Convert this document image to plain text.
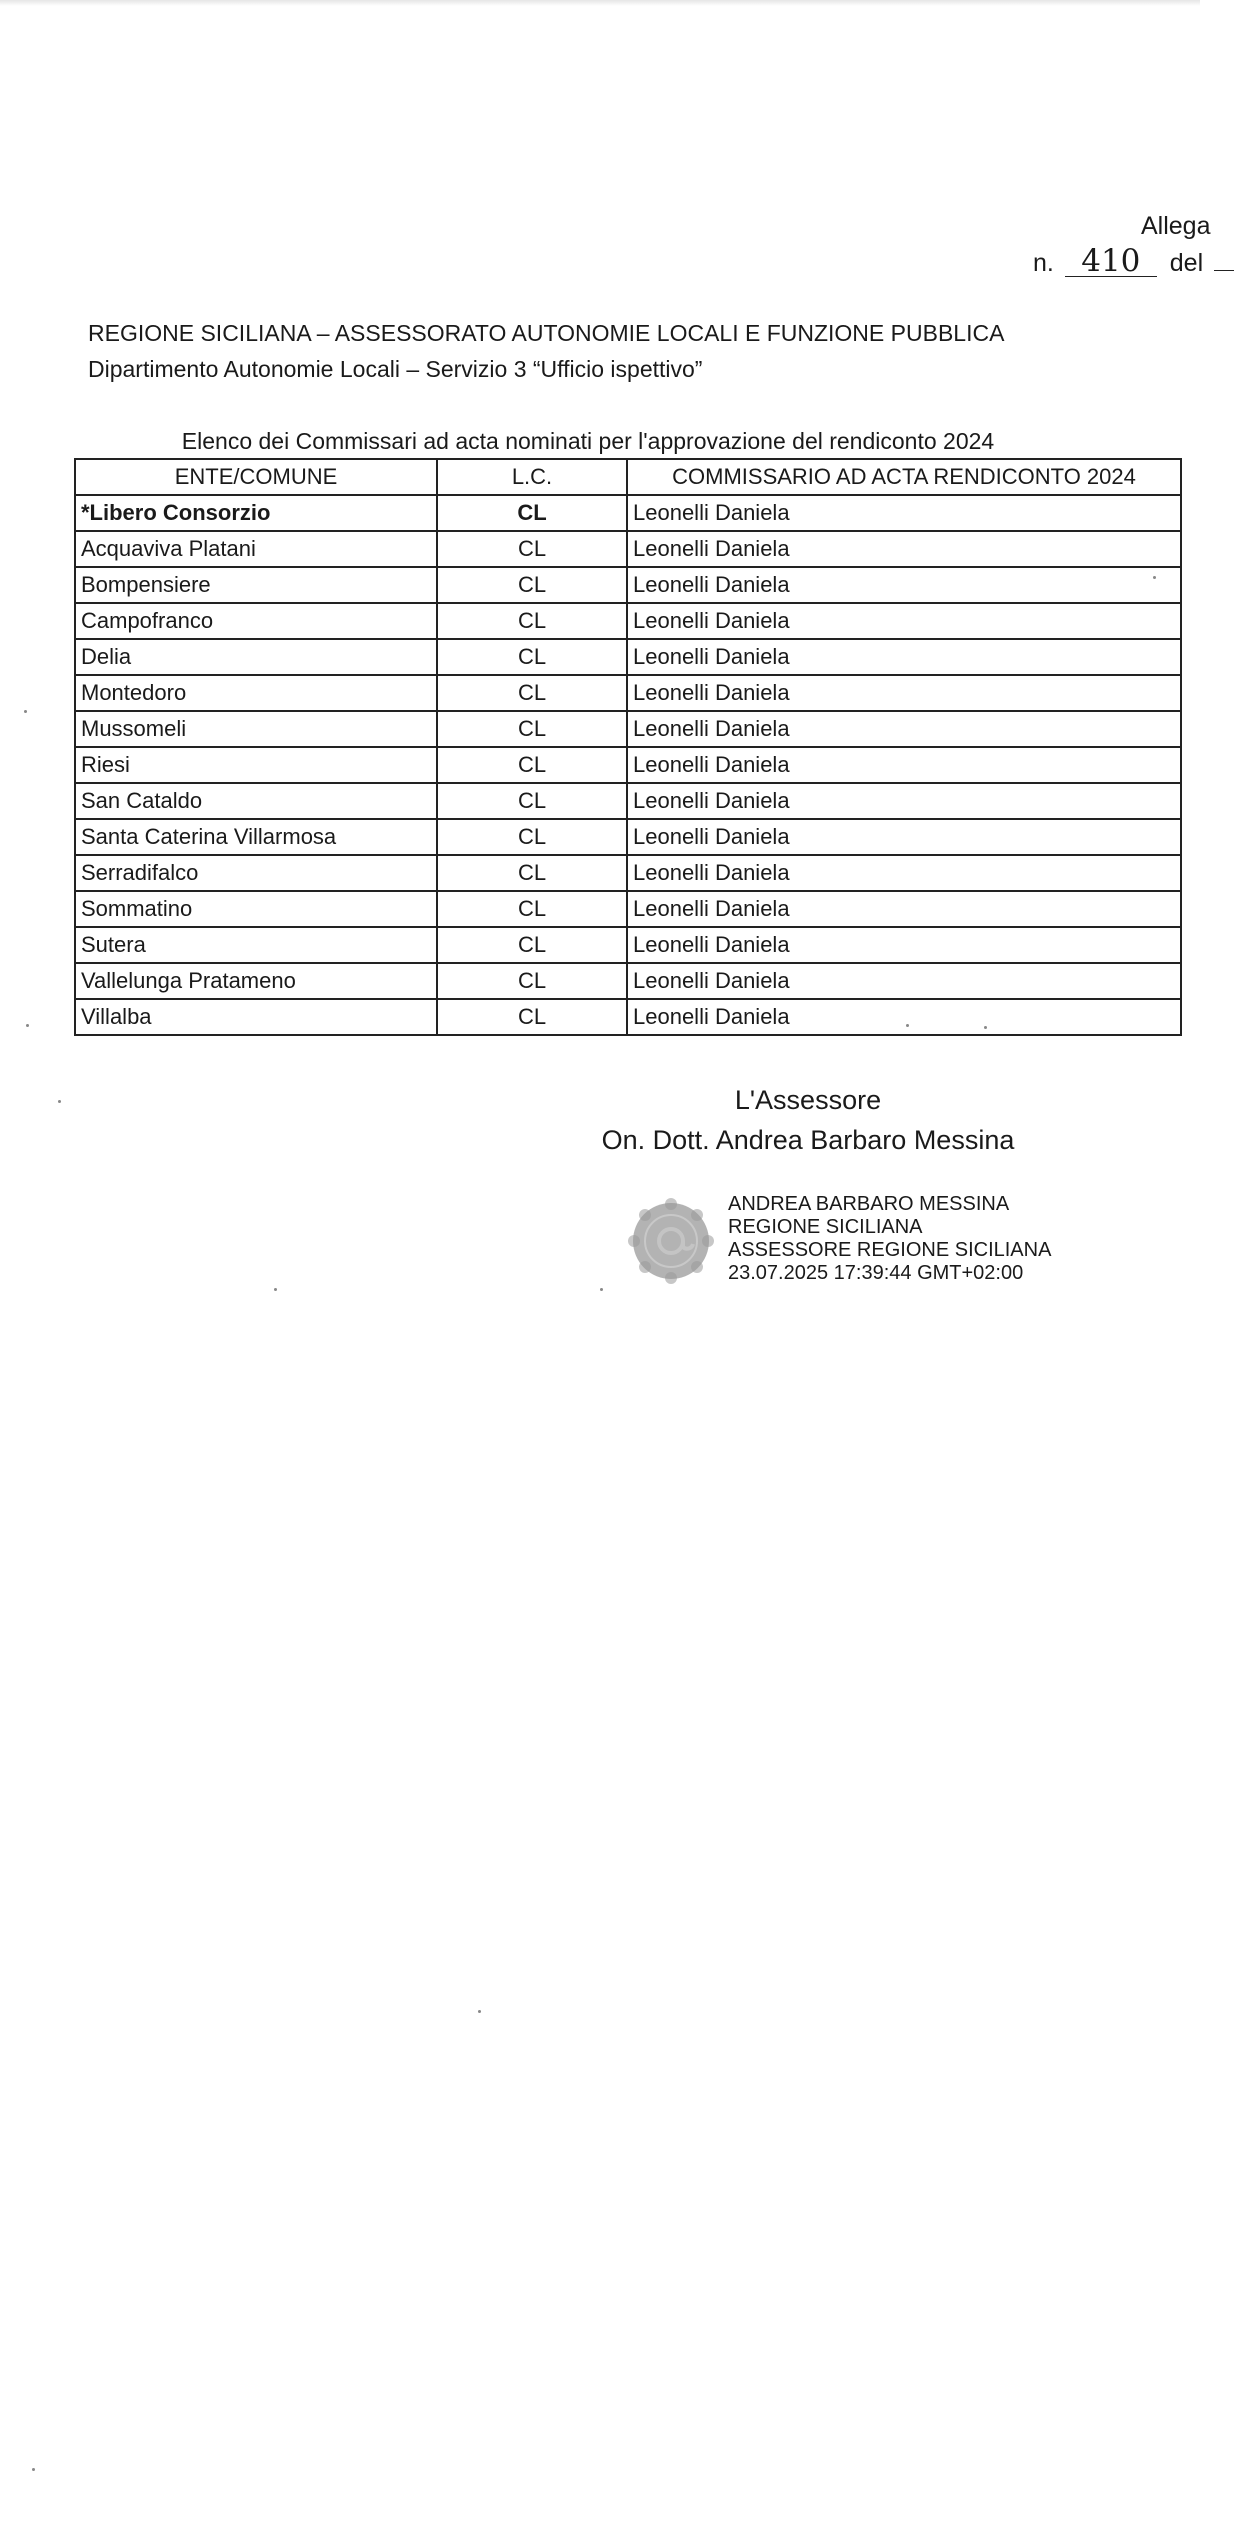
Allega
n. 410 del
REGIONE SICILIANA – ASSESSORATO AUTONOMIE LOCALI E FUNZIONE PUBBLICA
Dipartimento Autonomie Locali – Servizio 3 “Ufficio ispettivo”
Elenco dei Commissari ad acta nominati per l'approvazione del rendiconto 2024
ENTE/COMUNE	L.C.	COMMISSARIO AD ACTA RENDICONTO 2024
*Libero Consorzio	CL	Leonelli Daniela
Acquaviva Platani	CL	Leonelli Daniela
Bompensiere	CL	Leonelli Daniela
Campofranco	CL	Leonelli Daniela
Delia	CL	Leonelli Daniela
Montedoro	CL	Leonelli Daniela
Mussomeli	CL	Leonelli Daniela
Riesi	CL	Leonelli Daniela
San Cataldo	CL	Leonelli Daniela
Santa Caterina Villarmosa	CL	Leonelli Daniela
Serradifalco	CL	Leonelli Daniela
Sommatino	CL	Leonelli Daniela
Sutera	CL	Leonelli Daniela
Vallelunga Pratameno	CL	Leonelli Daniela
Villalba	CL	Leonelli Daniela
L'Assessore
On. Dott. Andrea Barbaro Messina
ANDREA BARBARO MESSINA
REGIONE SICILIANA
ASSESSORE REGIONE SICILIANA
23.07.2025 17:39:44 GMT+02:00
